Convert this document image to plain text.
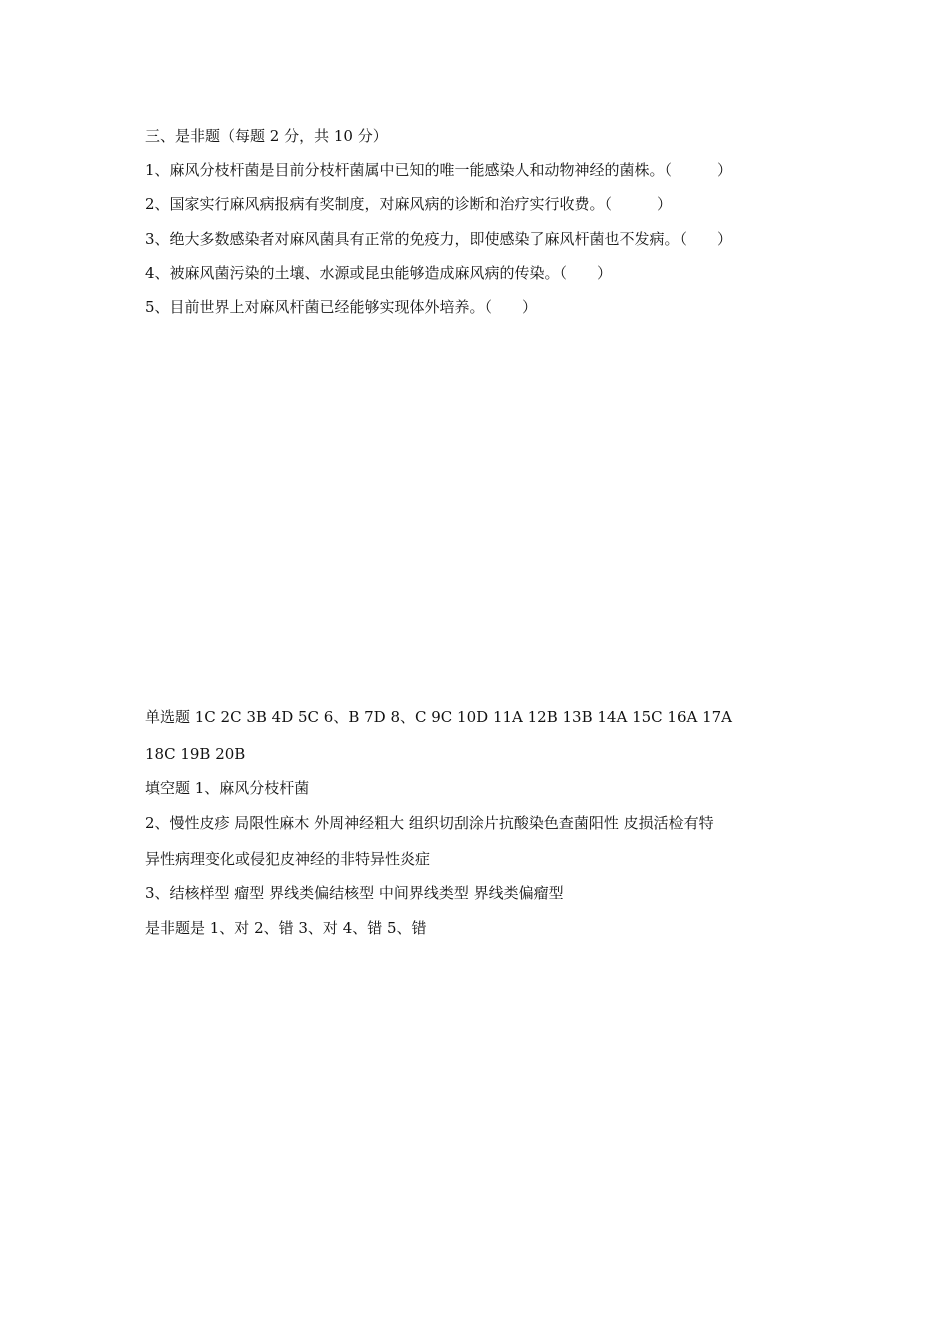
三、是非题（每题 2 分，共 10 分）
1、麻风分枝杆菌是目前分枝杆菌属中已知的唯一能感染人和动物神经的菌株。（　　　）
2、国家实行麻风病报病有奖制度，对麻风病的诊断和治疗实行收费。（　　　）
3、绝大多数感染者对麻风菌具有正常的免疫力，即使感染了麻风杆菌也不发病。（　　）
4、被麻风菌污染的土壤、水源或昆虫能够造成麻风病的传染。（　　）
5、目前世界上对麻风杆菌已经能够实现体外培养。（　　）
单选题 1C 2C 3B 4D 5C 6、B 7D 8、C 9C 10D 11A 12B 13B 14A 15C 16A 17A
18C 19B 20B
填空题 1、麻风分枝杆菌
2、慢性皮疹 局限性麻木 外周神经粗大 组织切刮涂片抗酸染色查菌阳性 皮损活检有特
异性病理变化或侵犯皮神经的非特异性炎症
3、结核样型 瘤型 界线类偏结核型 中间界线类型 界线类偏瘤型
是非题是 1、对 2、错 3、对 4、错 5、错
